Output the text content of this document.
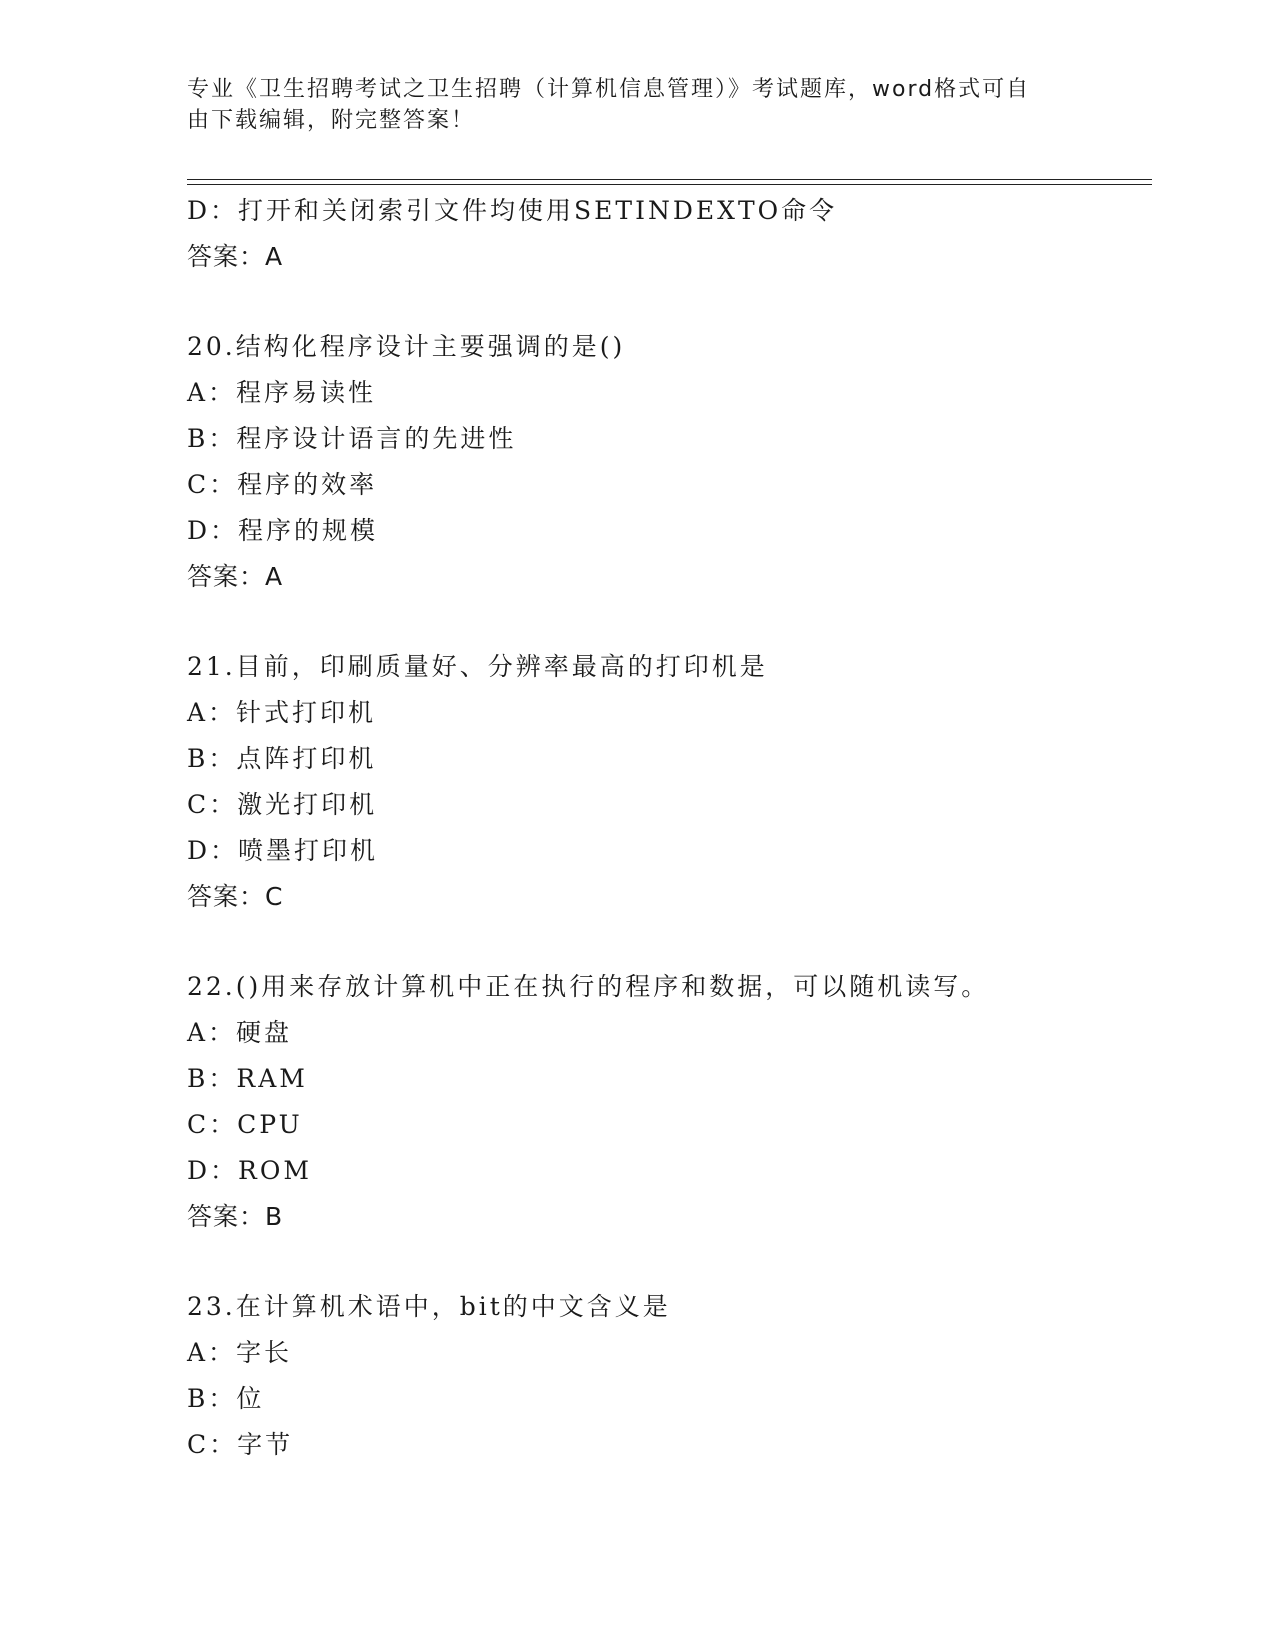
专业《卫生招聘考试之卫生招聘（计算机信息管理）》考试题库，word格式可自
由下载编辑，附完整答案！
D：打开和关闭索引文件均使用SETINDEXTO命令
答案：A
20.结构化程序设计主要强调的是()
A：程序易读性
B：程序设计语言的先进性
C：程序的效率
D：程序的规模
答案：A
21.目前，印刷质量好、分辨率最高的打印机是
A：针式打印机
B：点阵打印机
C：激光打印机
D：喷墨打印机
答案：C
22.()用来存放计算机中正在执行的程序和数据，可以随机读写。
A：硬盘
B：RAM
C：CPU
D：ROM
答案：B
23.在计算机术语中，bit的中文含义是
A：字长
B：位
C：字节
